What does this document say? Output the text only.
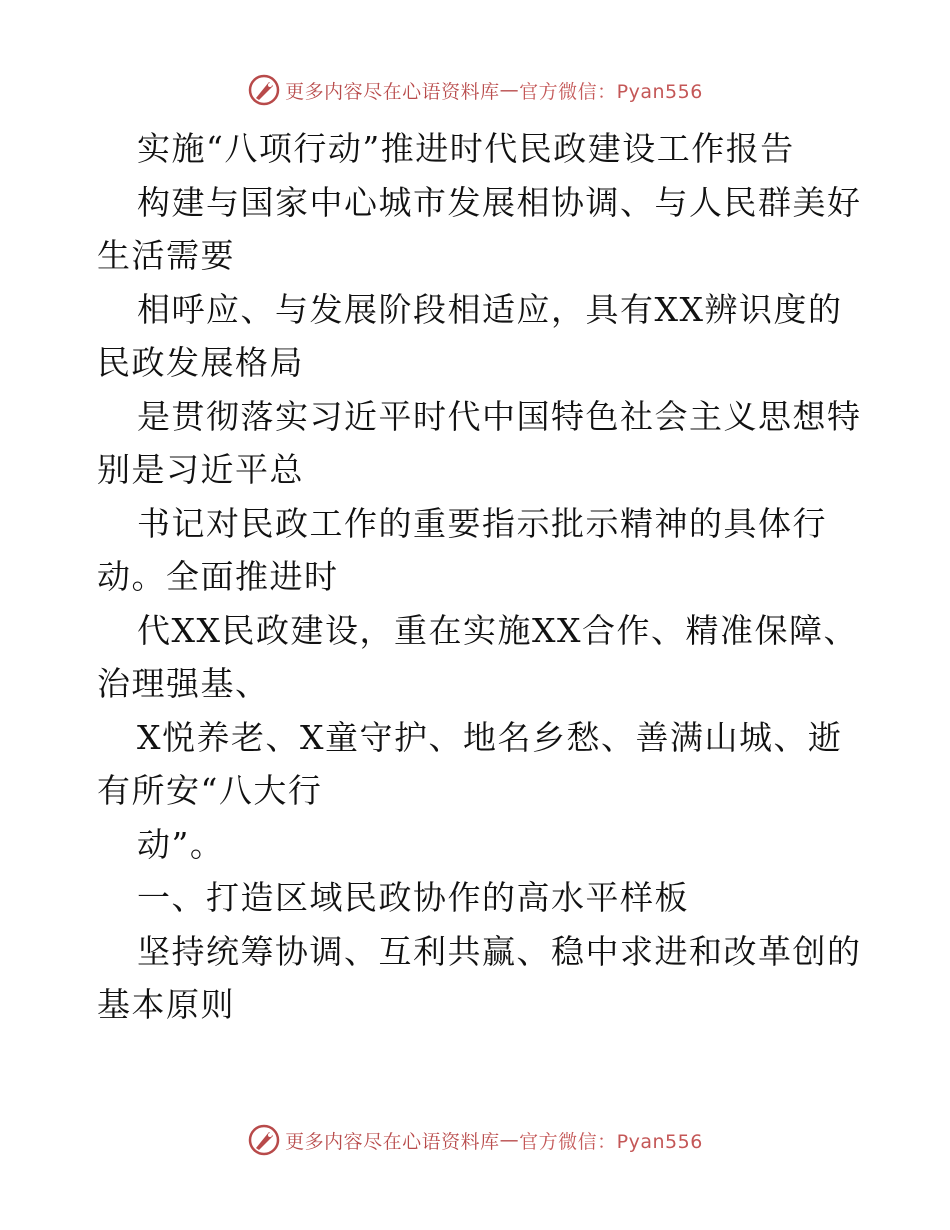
更多内容尽在心语资料库 — 官方微信：Pyan556

实施“八项行动”推进时代民政建设工作报告

构建与国家中心城市发展相协调、与人民群美好

生活需要

相呼应、与发展阶段相适应，具有XX辨识度的

民政发展格局

是贯彻落实习近平时代中国特色社会主义思想特

别是习近平总

书记对民政工作的重要指示批示精神的具体行

动。全面推进时

代XX民政建设，重在实施XX合作、精准保障、

治理强基、

X悦养老、X童守护、地名乡愁、善满山城、逝

有所安“八大行

动”。

一、打造区域民政协作的高水平样板

坚持统筹协调、互利共赢、稳中求进和改革创的

基本原则

更多内容尽在心语资料库 — 官方微信：Pyan556
